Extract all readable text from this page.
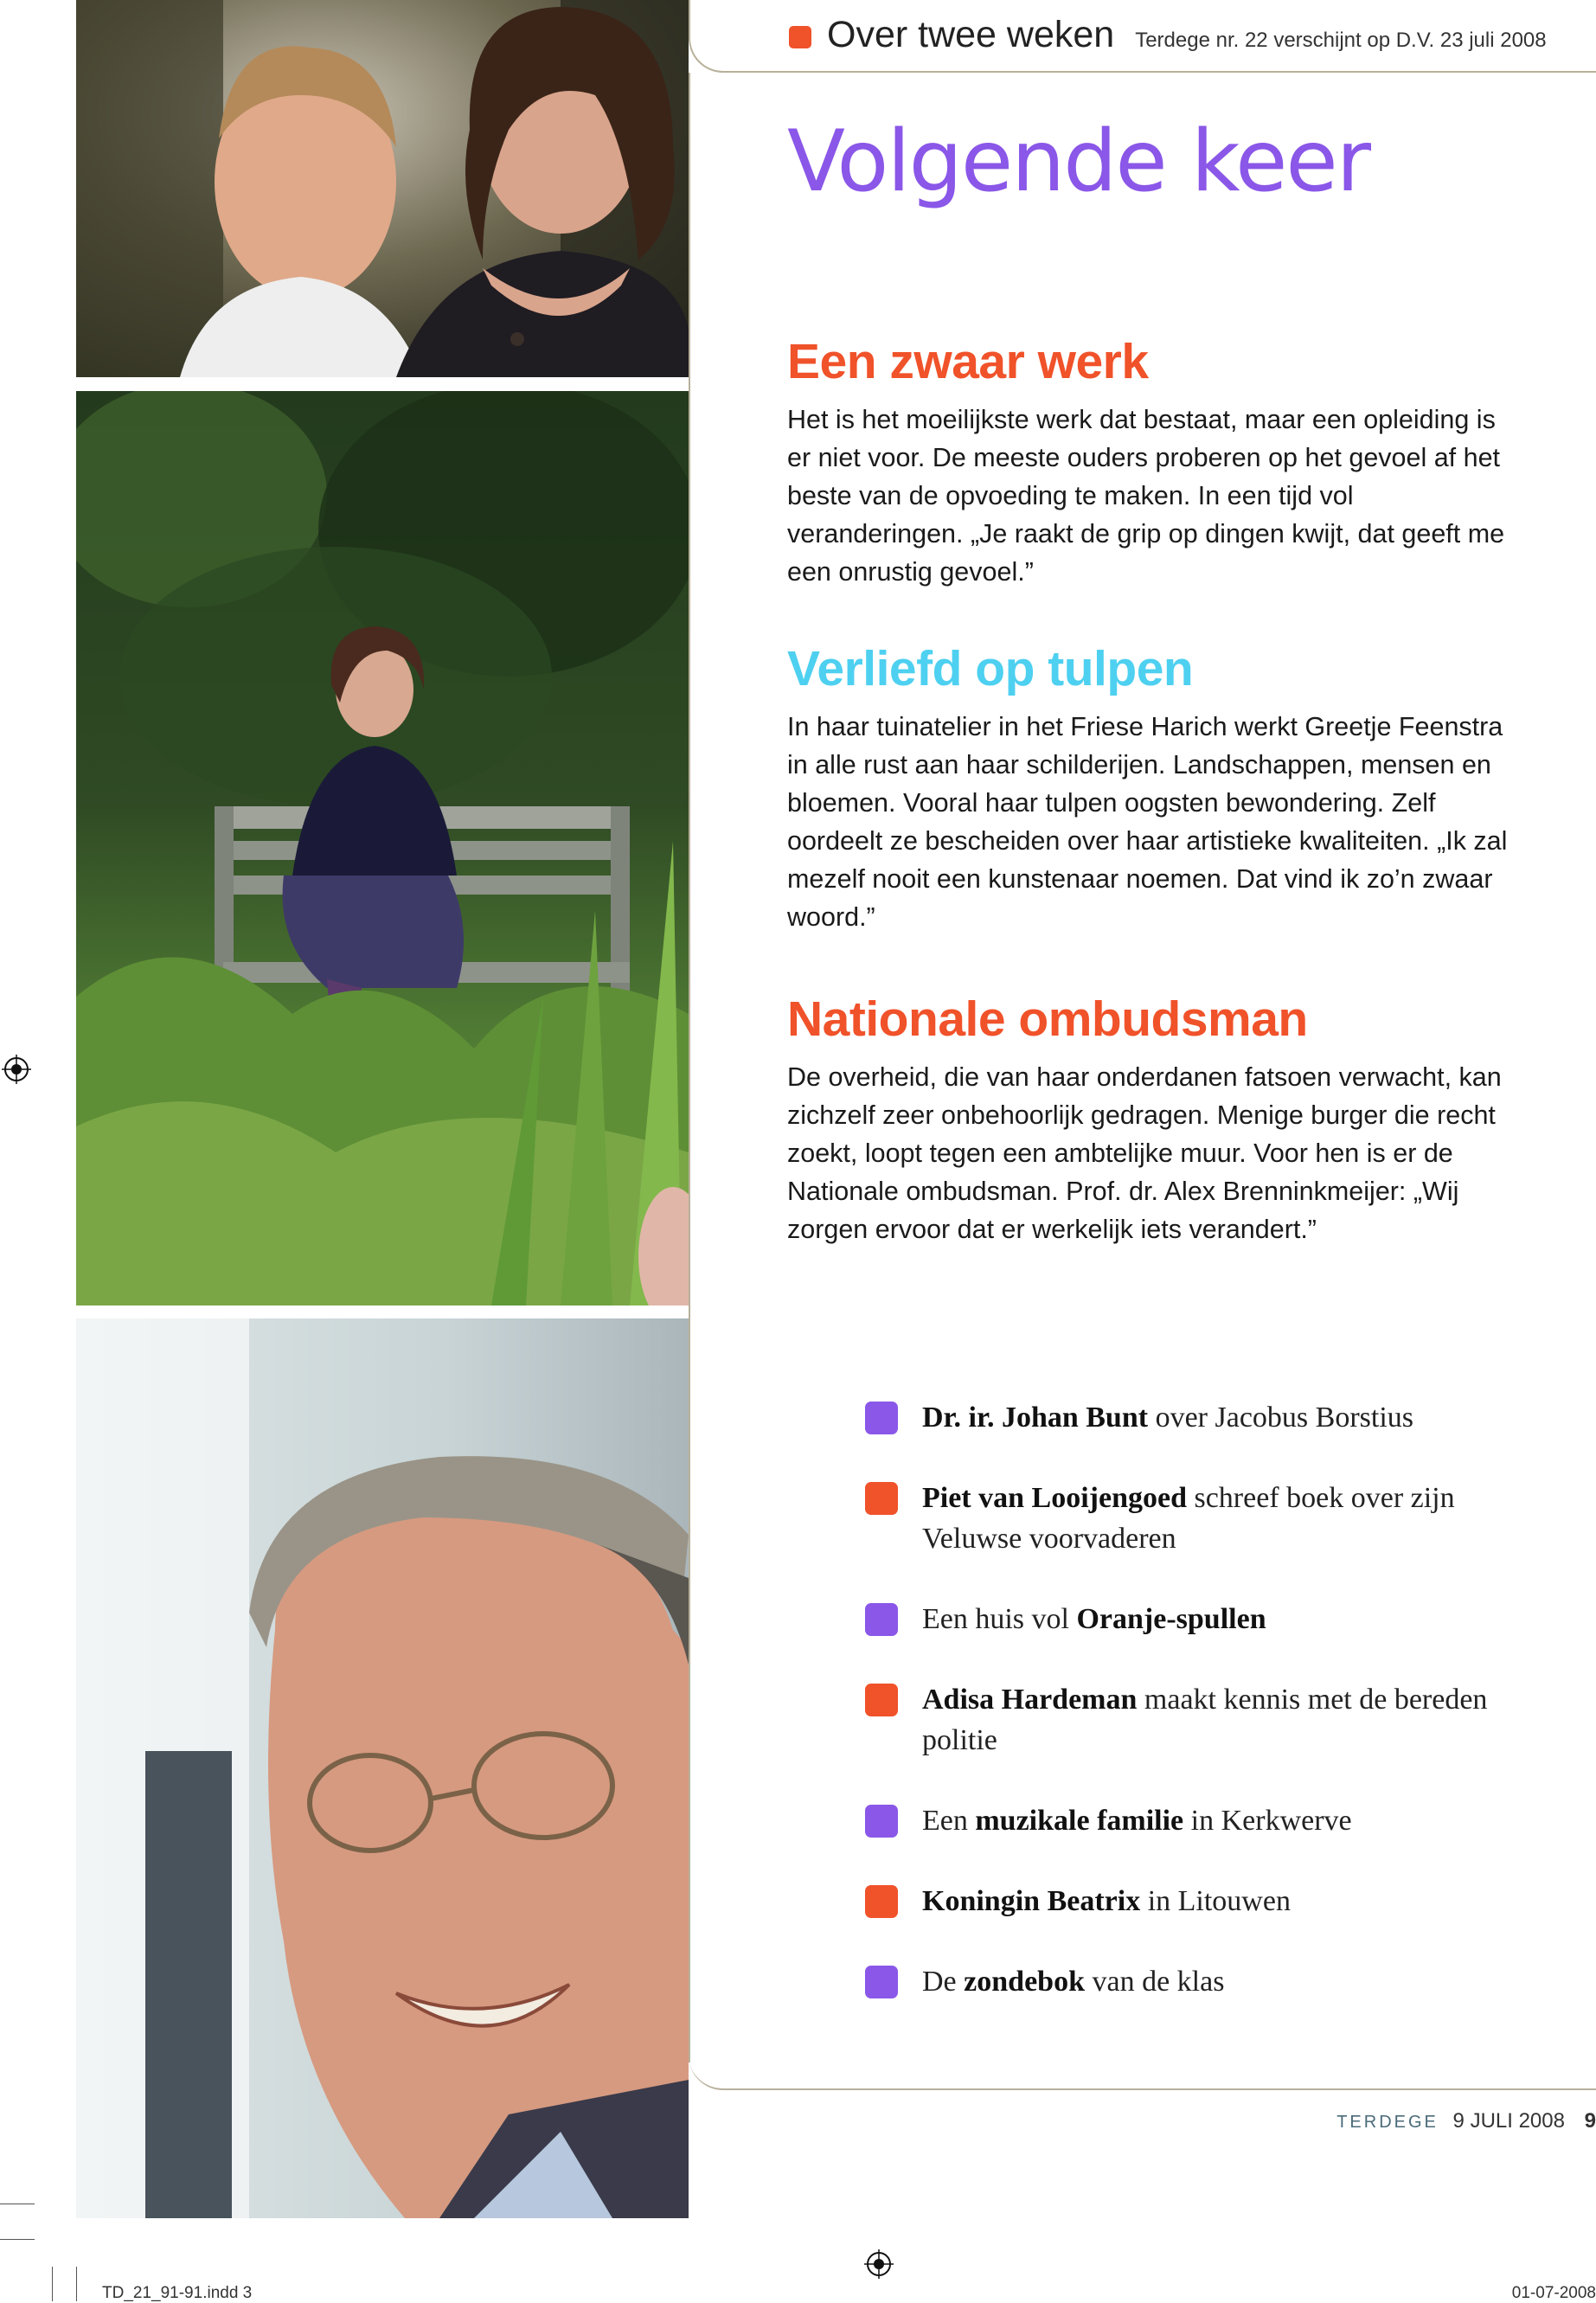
Over twee weken Terdege nr. 22 verschijnt op D.V. 23 juli 2008
Volgende keer
Een zwaar werk

Het is het moeilijkste werk dat bestaat, maar een opleiding is er niet voor. De meeste ouders proberen op het gevoel af het beste van de opvoeding te maken. In een tijd vol veranderingen. „Je raakt de grip op dingen kwijt, dat geeft me een onrustig gevoel.”

Verliefd op tulpen

In haar tuinatelier in het Friese Harich werkt Greetje Feenstra in alle rust aan haar schilderijen. Landschappen, mensen en bloemen. Vooral haar tulpen oogsten bewondering. Zelf oordeelt ze bescheiden over haar artistieke kwaliteiten. „Ik zal mezelf nooit een kunstenaar noemen. Dat vind ik zo’n zwaar woord.”

Nationale ombudsman

De overheid, die van haar onderdanen fatsoen verwacht, kan zichzelf zeer onbehoorlijk gedragen. Menige burger die recht zoekt, loopt tegen een ambtelijke muur. Voor hen is er de Nationale ombudsman. Prof. dr. Alex Brenninkmeijer: „Wij zorgen ervoor dat er werkelijk iets verandert.”

Dr. ir. Johan Bunt over Jacobus Borstius
Piet van Looijengoed schreef boek over zijn Veluwse voorvaderen
Een huis vol Oranje-spullen
Adisa Hardeman maakt kennis met de bereden politie
Een muzikale familie in Kerkwerve
Koningin Beatrix in Litouwen
De zondebok van de klas
TERDEGE 9 JULI 2008 9
TD_21_91-91.indd 3	01-07-2008
